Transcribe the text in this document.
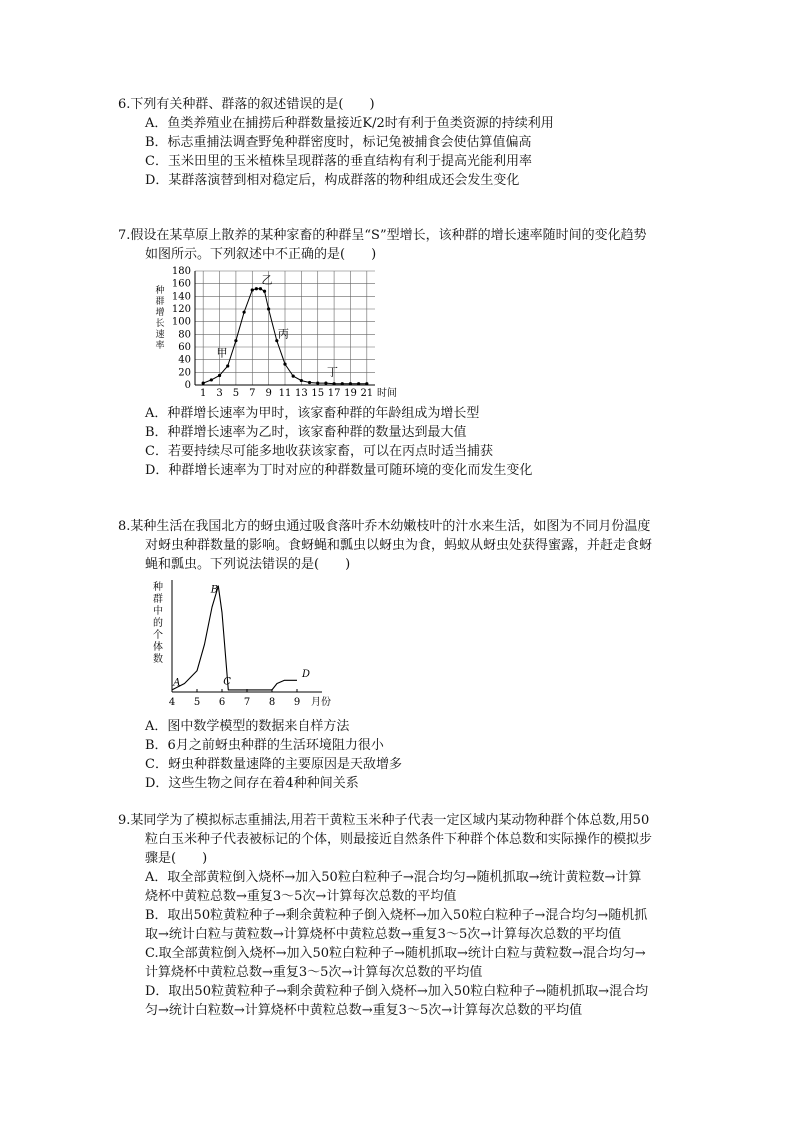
6.下列有关种群、群落的叙述错误的是(　　)

A．鱼类养殖业在捕捞后种群数量接近K/2时有利于鱼类资源的持续利用

B．标志重捕法调查野兔种群密度时，标记兔被捕食会使估算值偏高

C．玉米田里的玉米植株呈现群落的垂直结构有利于提高光能利用率

D．某群落演替到相对稳定后，构成群落的物种组成还会发生变化

7.假设在某草原上散养的某种家畜的种群呈“S”型增长，该种群的增长速率随时间的变化趋势
如图所示。下列叙述中不正确的是(　　)

0
20
40
60
80
100
120
140
160
180
1 3 5 7 9 11 13 15 17 19 21
甲
乙
丙
丁
种
群
增
长
速
率
时间

A．种群增长速率为甲时，该家畜种群的年龄组成为增长型

B．种群增长速率为乙时，该家畜种群的数量达到最大值

C．若要持续尽可能多地收获该家畜，可以在丙点时适当捕获

D．种群增长速率为丁时对应的种群数量可随环境的变化而发生变化

8.某种生活在我国北方的蚜虫通过吸食落叶乔木幼嫩枝叶的汁水来生活，如图为不同月份温度
对蚜虫种群数量的影响。食蚜蝇和瓢虫以蚜虫为食，蚂蚁从蚜虫处获得蜜露，并赶走食蚜
蝇和瓢虫。下列说法错误的是(　　)

4 5 6 7 8 9
A
B
C
D
种
群
中
的
个
体
数
月份

A．图中数学模型的数据来自样方法

B．6月之前蚜虫种群的生活环境阻力很小

C．蚜虫种群数量速降的主要原因是天敌增多

D．这些生物之间存在着4种种间关系

9.某同学为了模拟标志重捕法,用若干黄粒玉米种子代表一定区域内某动物种群个体总数,用50
粒白玉米种子代表被标记的个体，则最接近自然条件下种群个体总数和实际操作的模拟步
骤是(　　)

A．取全部黄粒倒入烧杯→加入50粒白粒种子→混合均匀→随机抓取→统计黄粒数→计算
烧杯中黄粒总数→重复3～5次→计算每次总数的平均值

B．取出50粒黄粒种子→剩余黄粒种子倒入烧杯→加入50粒白粒种子→混合均匀→随机抓
取→统计白粒与黄粒数→计算烧杯中黄粒总数→重复3～5次→计算每次总数的平均值

C.取全部黄粒倒入烧杯→加入50粒白粒种子→随机抓取→统计白粒与黄粒数→混合均匀→
计算烧杯中黄粒总数→重复3～5次→计算每次总数的平均值

D．取出50粒黄粒种子→剩余黄粒种子倒入烧杯→加入50粒白粒种子→随机抓取→混合均
匀→统计白粒数→计算烧杯中黄粒总数→重复3～5次→计算每次总数的平均值
